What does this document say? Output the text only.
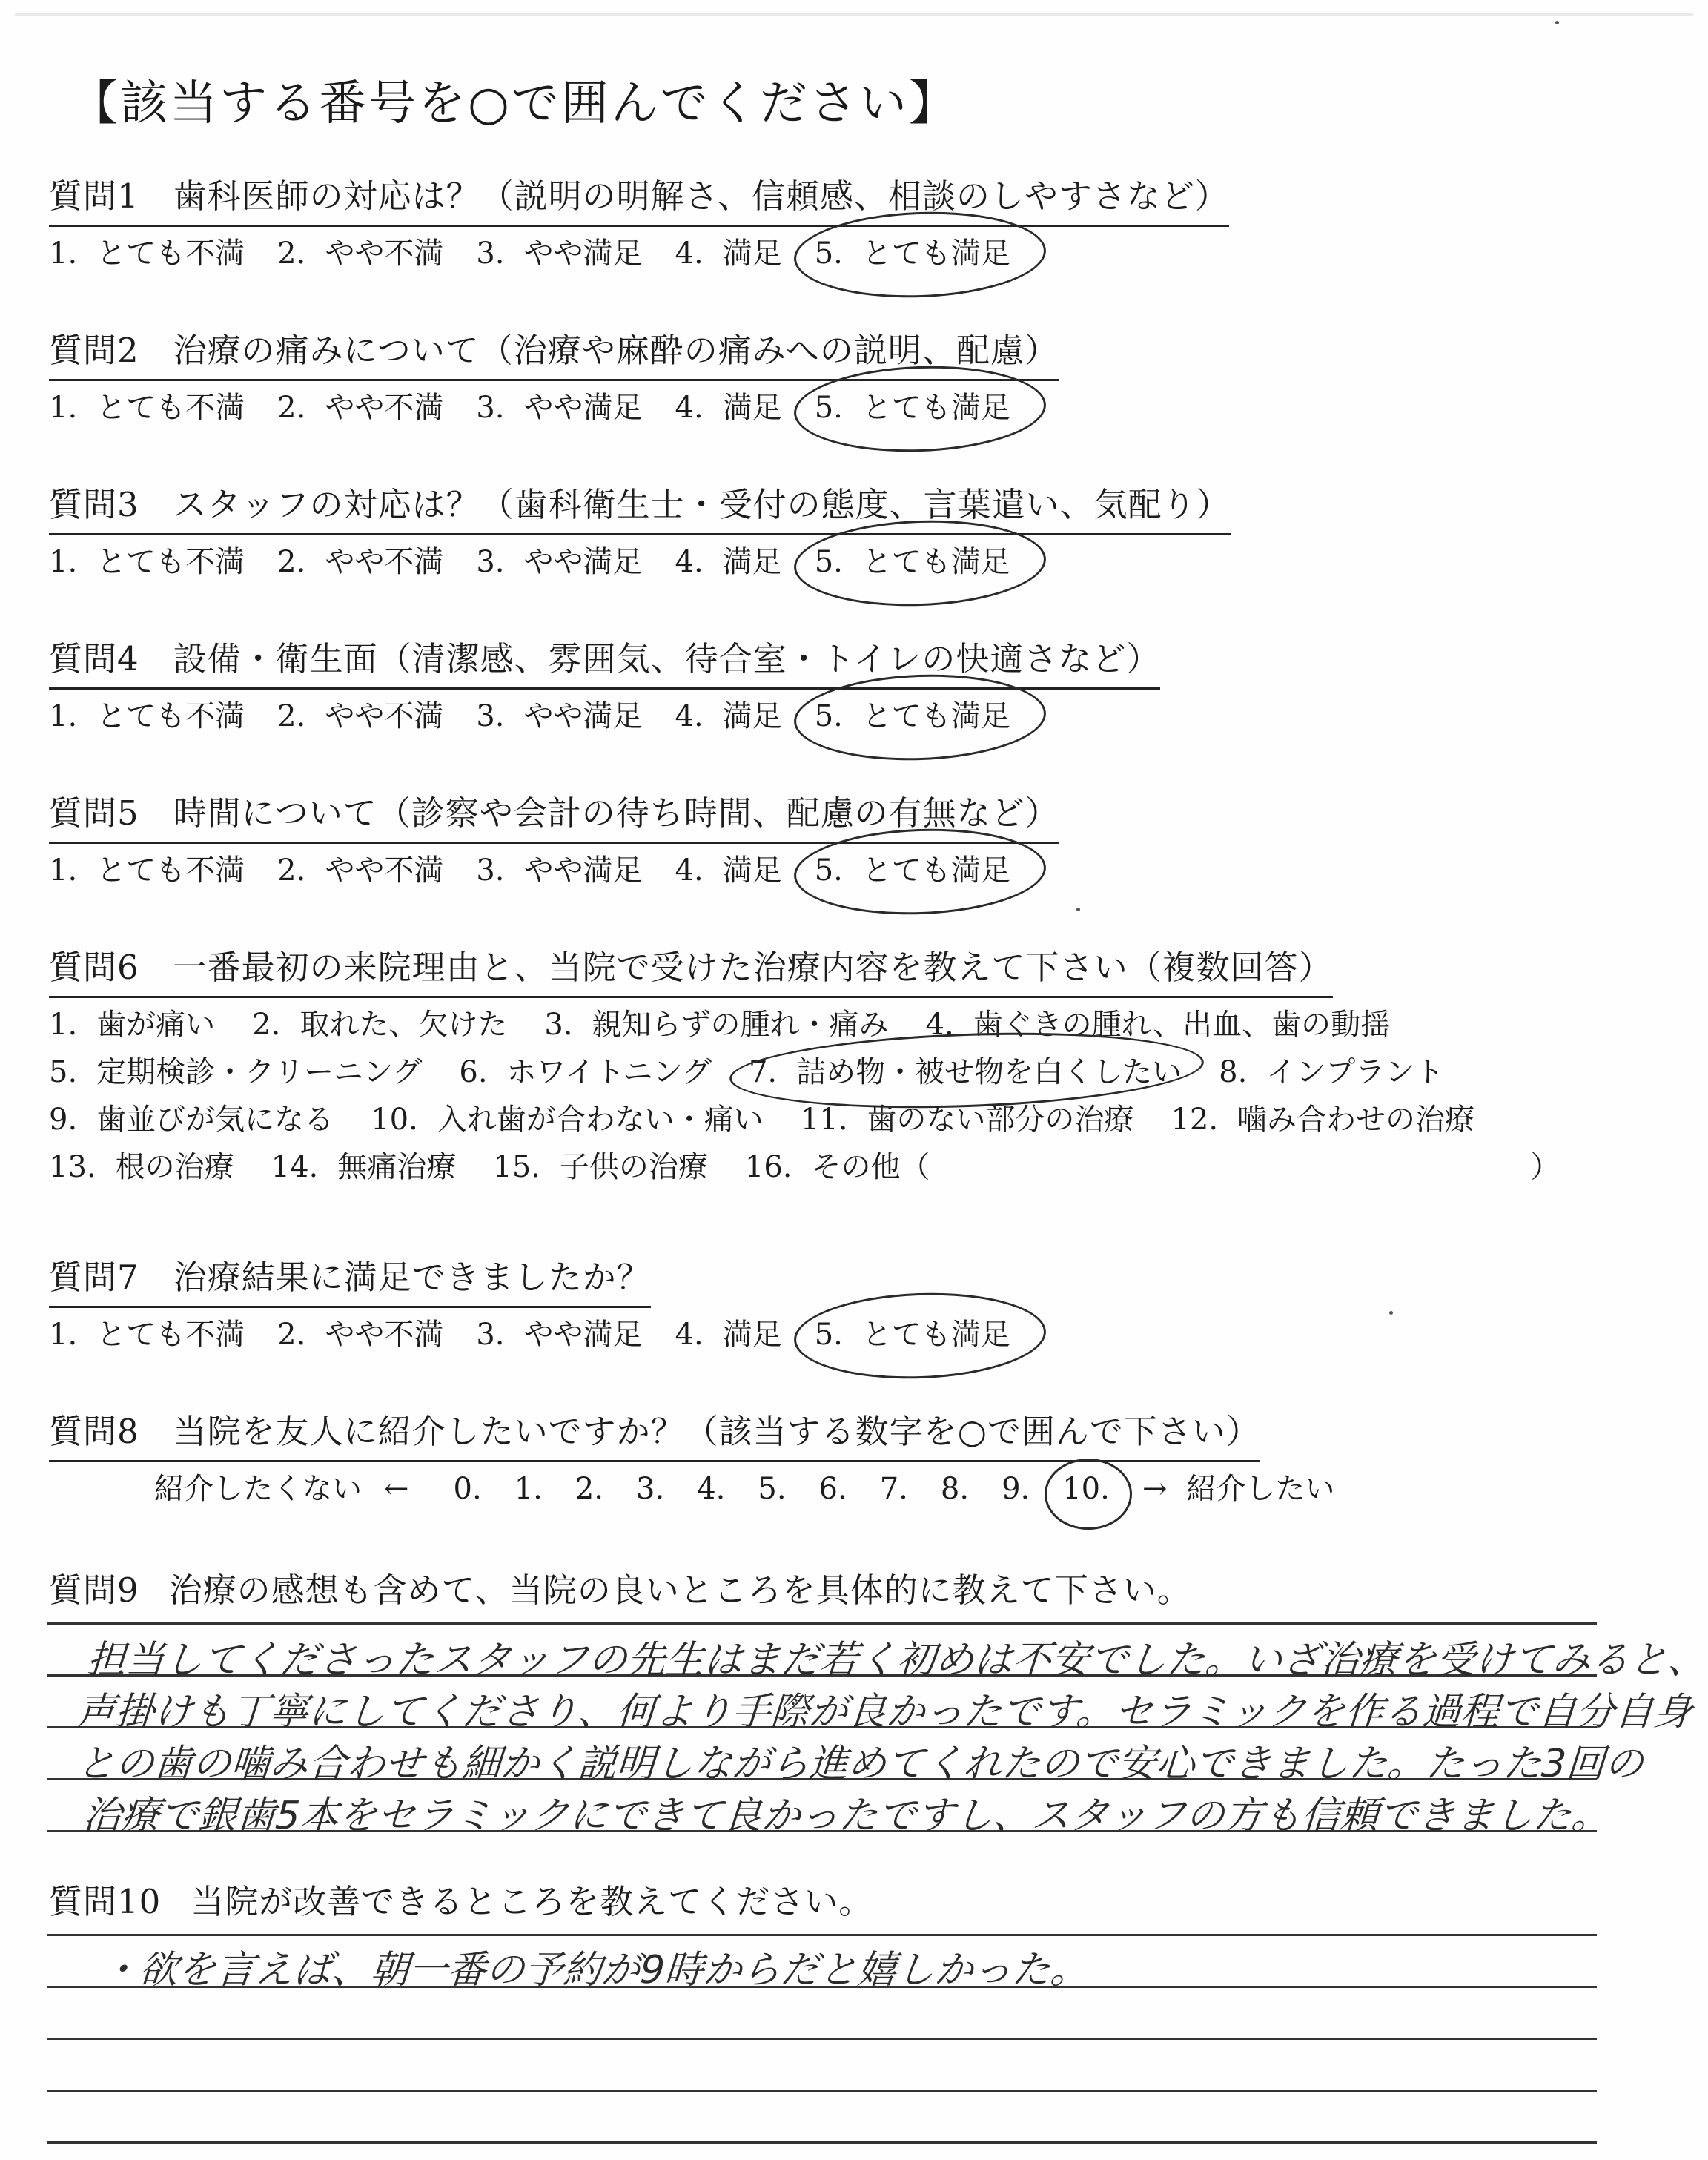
【該当する番号を○で囲んでください】
質問1 歯科医師の対応は？（説明の明解さ、信頼感、相談のしやすさなど）
1. とても不満 2. やや不満 3. やや満足 4. 満足 5. とても満足
質問2 治療の痛みについて（治療や麻酔の痛みへの説明、配慮）
1. とても不満 2. やや不満 3. やや満足 4. 満足 5. とても満足
質問3 スタッフの対応は？（歯科衛生士・受付の態度、言葉遣い、気配り）
1. とても不満 2. やや不満 3. やや満足 4. 満足 5. とても満足
質問4 設備・衛生面（清潔感、雰囲気、待合室・トイレの快適さなど）
1. とても不満 2. やや不満 3. やや満足 4. 満足 5. とても満足
質問5 時間について（診察や会計の待ち時間、配慮の有無など）
1. とても不満 2. やや不満 3. やや満足 4. 満足 5. とても満足
質問6 一番最初の来院理由と、当院で受けた治療内容を教えて下さい（複数回答）
1. 歯が痛い 2. 取れた、欠けた 3. 親知らずの腫れ・痛み 4. 歯ぐきの腫れ、出血、歯の動揺
5. 定期検診・クリーニング 6. ホワイトニング 7. 詰め物・被せ物を白くしたい 8. インプラント
9. 歯並びが気になる 10. 入れ歯が合わない・痛い 11. 歯のない部分の治療 12. 噛み合わせの治療
13. 根の治療 14. 無痛治療 15. 子供の治療 16. その他（	）
質問7 治療結果に満足できましたか？
1. とても不満 2. やや不満 3. やや満足 4. 満足 5. とても満足
質問8 当院を友人に紹介したいですか？（該当する数字を○で囲んで下さい）
紹介したくない ← 0. 1. 2. 3. 4. 5. 6. 7. 8. 9. 10. → 紹介したい
質問9 治療の感想も含めて、当院の良いところを具体的に教えて下さい。
担当してくださったスタッフの先生はまだ若く初めは不安でした。いざ治療を受けてみると、
声掛けも丁寧にしてくださり、何より手際が良かったです。セラミックを作る過程で自分自身
との歯の噛み合わせも細かく説明しながら進めてくれたので安心できました。たった3回の
治療で銀歯5本をセラミックにできて良かったですし、スタッフの方も信頼できました。
質問10 当院が改善できるところを教えてください。
・欲を言えば、朝一番の予約が9時からだと嬉しかった。
